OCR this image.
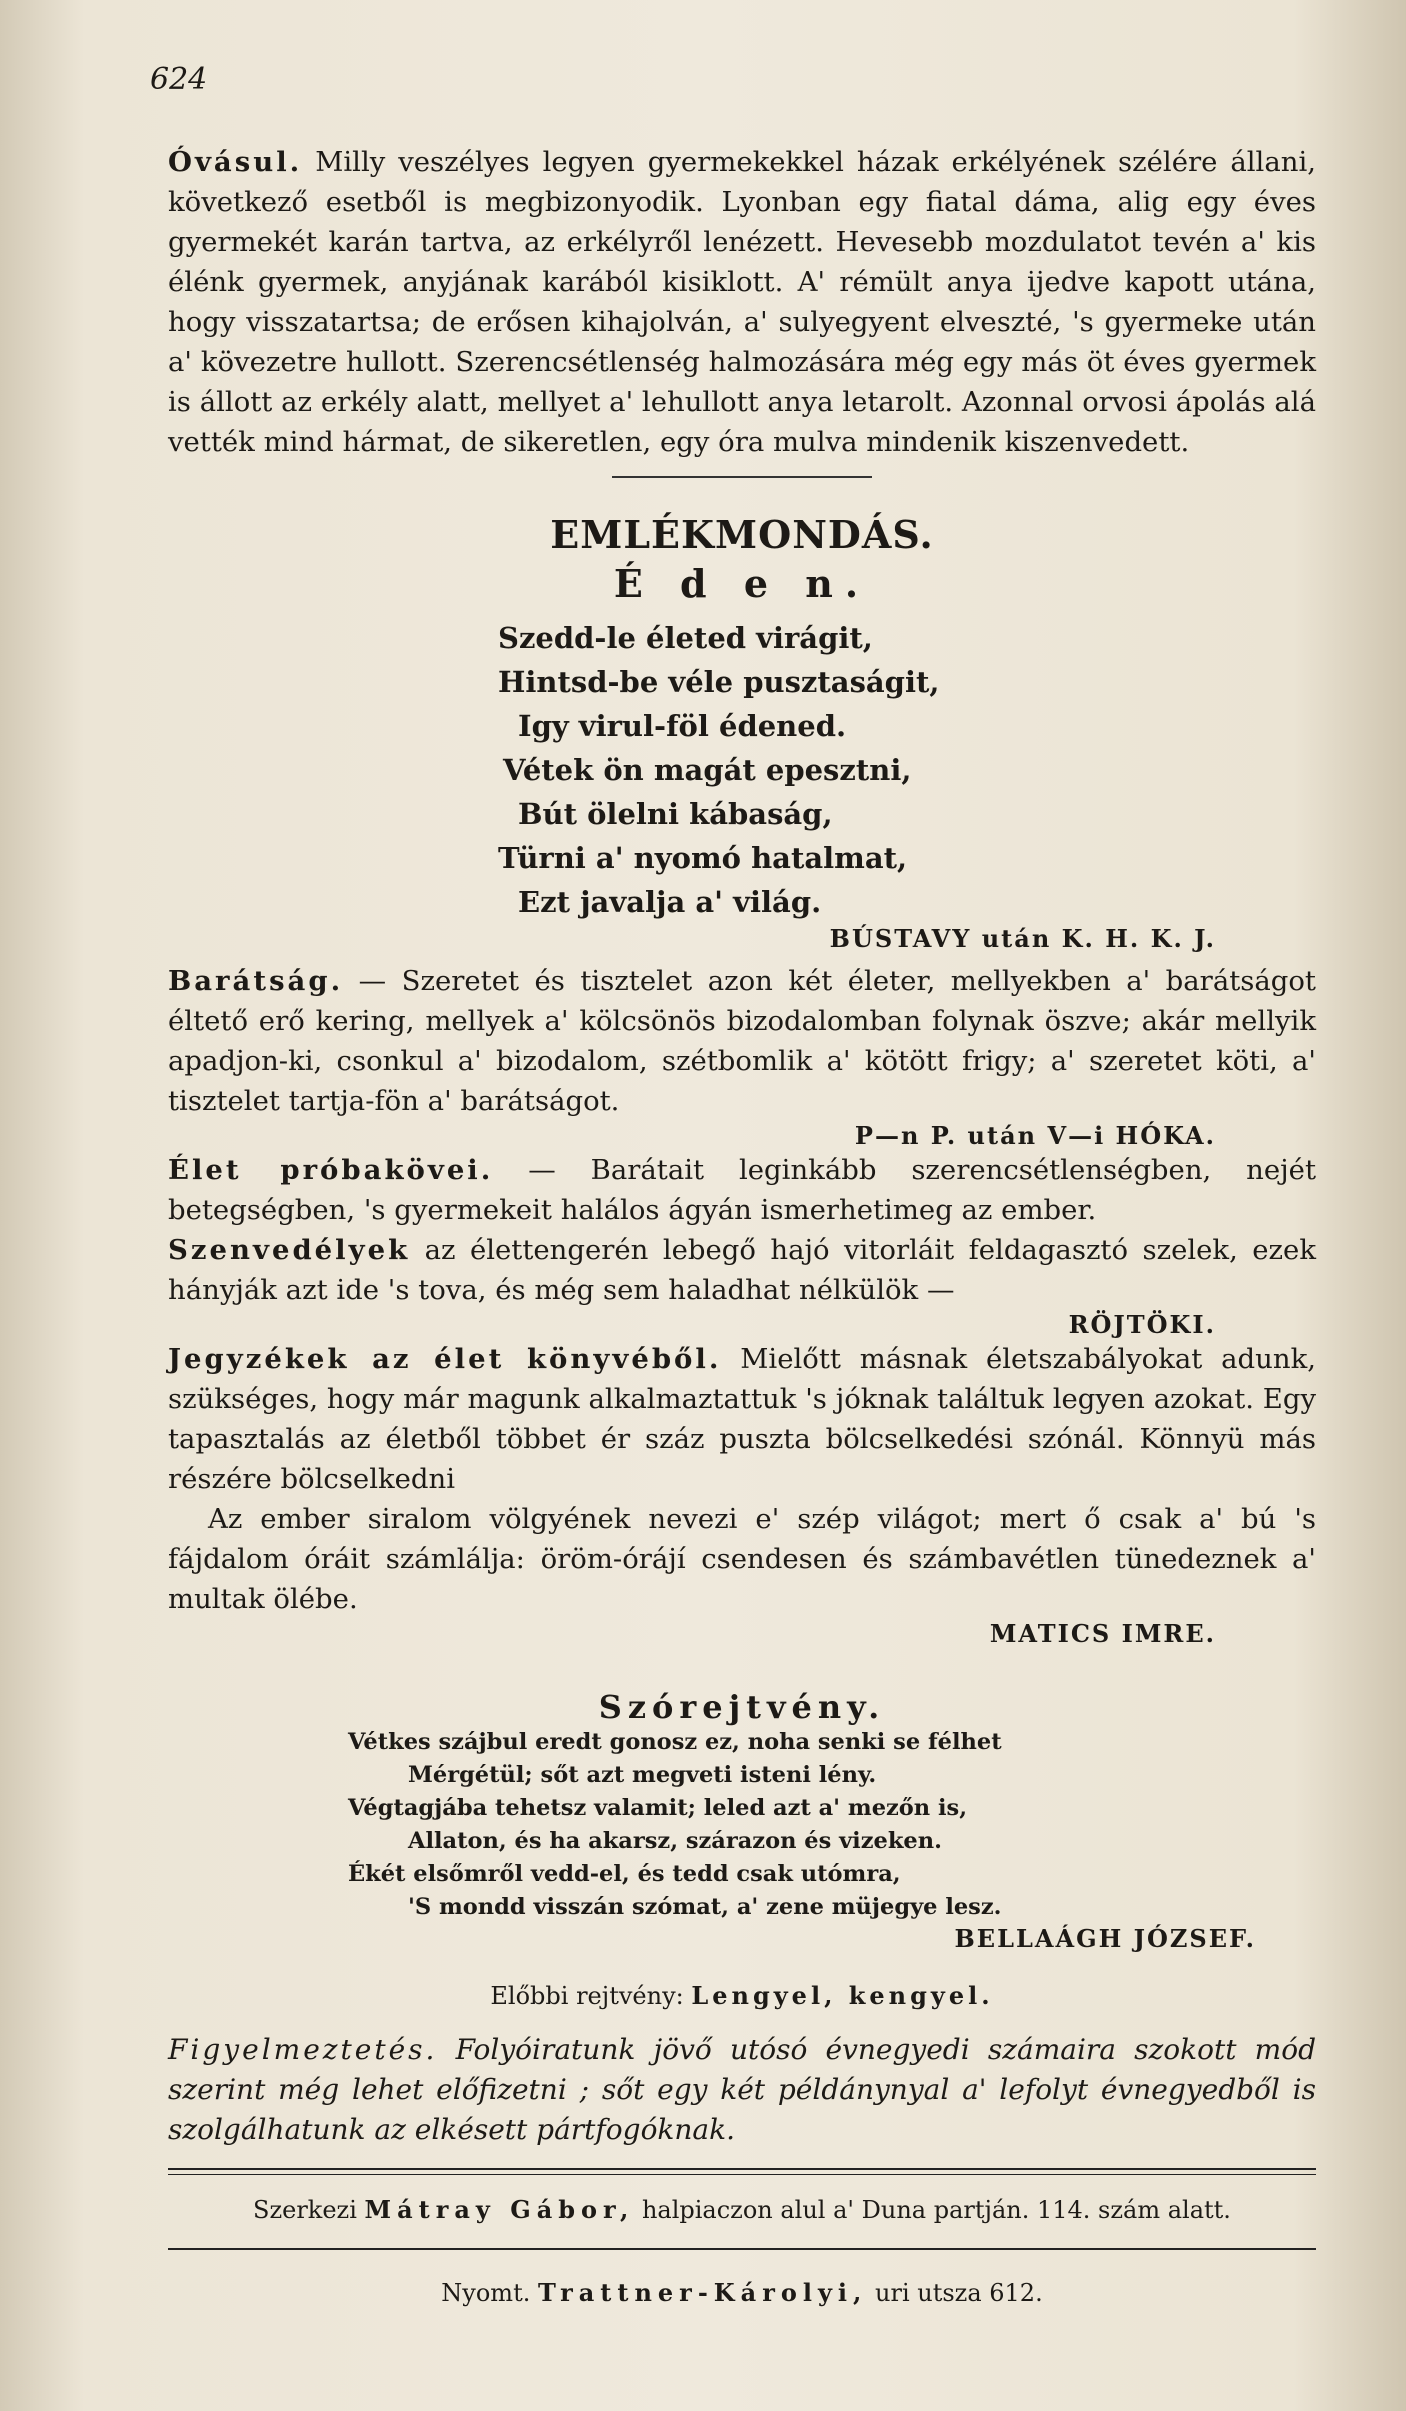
624

Óvásul. Milly veszélyes legyen gyermekekkel házak erkélyének szélére állani, következő esetből is megbizonyodik. Lyonban egy fiatal dáma, alig egy éves gyermekét karán tartva, az erkélyről lenézett. Hevesebb mozdulatot tevén a' kis élénk gyermek, anyjának karából kisiklott. A' rémült anya ijedve kapott utána, hogy visszatartsa; de erősen kihajolván, a' sulyegyent elveszté, 's gyermeke után a' kövezetre hullott. Szerencsétlenség halmozására még egy más öt éves gyermek is állott az erkély alatt, mellyet a' lehullott anya letarolt. Azonnal orvosi ápolás alá vették mind hármat, de sikeretlen, egy óra mulva mindenik kiszenvedett.

EMLÉKMONDÁS.
É d e n.
Szedd-le életed virágit,
Hintsd-be véle pusztaságit,
Igy virul-föl édened.
Vétek ön magát epesztni,
Bút ölelni kábaság,
Türni a' nyomó hatalmat,
Ezt javalja a' világ.
BÚSTAVY után K. H. K. J.

Barátság. — Szeretet és tisztelet azon két életer, mellyekben a' barátságot éltető erő kering, mellyek a' kölcsönös bizodalomban folynak öszve; akár mellyik apadjon-ki, csonkul a' bizodalom, szétbomlik a' kötött frigy; a' szeretet köti, a' tisztelet tartja-fön a' barátságot.

P—n P. után V—i HÓKA.

Élet próbakövei. — Barátait leginkább szerencsétlenségben, nejét betegségben, 's gyermekeit halálos ágyán ismerhetimeg az ember.

Szenvedélyek az élettengerén lebegő hajó vitorláit feldagasztó szelek, ezek hányják azt ide 's tova, és még sem haladhat nélkülök —

RÖJTÖKI.

Jegyzékek az élet könyvéből. Mielőtt másnak életszabályokat adunk, szükséges, hogy már magunk alkalmaztattuk 's jóknak találtuk legyen azokat. Egy tapasztalás az életből többet ér száz puszta bölcselkedési szónál. Könnyü más részére bölcselkedni

Az ember siralom völgyének nevezi e' szép világot; mert ő csak a' bú 's fájdalom óráit számlálja: öröm-órájí csendesen és számbavétlen tünedeznek a' multak ölébe.

MATICS IMRE.
Szórejtvény.
Vétkes szájbul eredt gonosz ez, noha senki se félhet
Mérgétül; sőt azt megveti isteni lény.
Végtagjába tehetsz valamit; leled azt a' mezőn is,
Allaton, és ha akarsz, szárazon és vizeken.
Ékét elsőmről vedd-el, és tedd csak utómra,
'S mondd visszán szómat, a' zene müjegye lesz.
BELLAÁGH JÓZSEF.
Előbbi rejtvény: Lengyel, kengyel.
Figyelmeztetés. Folyóiratunk jövő utósó évnegyedi számaira szokott mód szerint még lehet előfizetni ; sőt egy két példánynyal a' lefolyt évnegyedből is szolgálhatunk az elkésett pártfogóknak.
Szerkezi Mátray Gábor, halpiaczon alul a' Duna partján. 114. szám alatt.
Nyomt. Trattner-Károlyi, uri utsza 612.
